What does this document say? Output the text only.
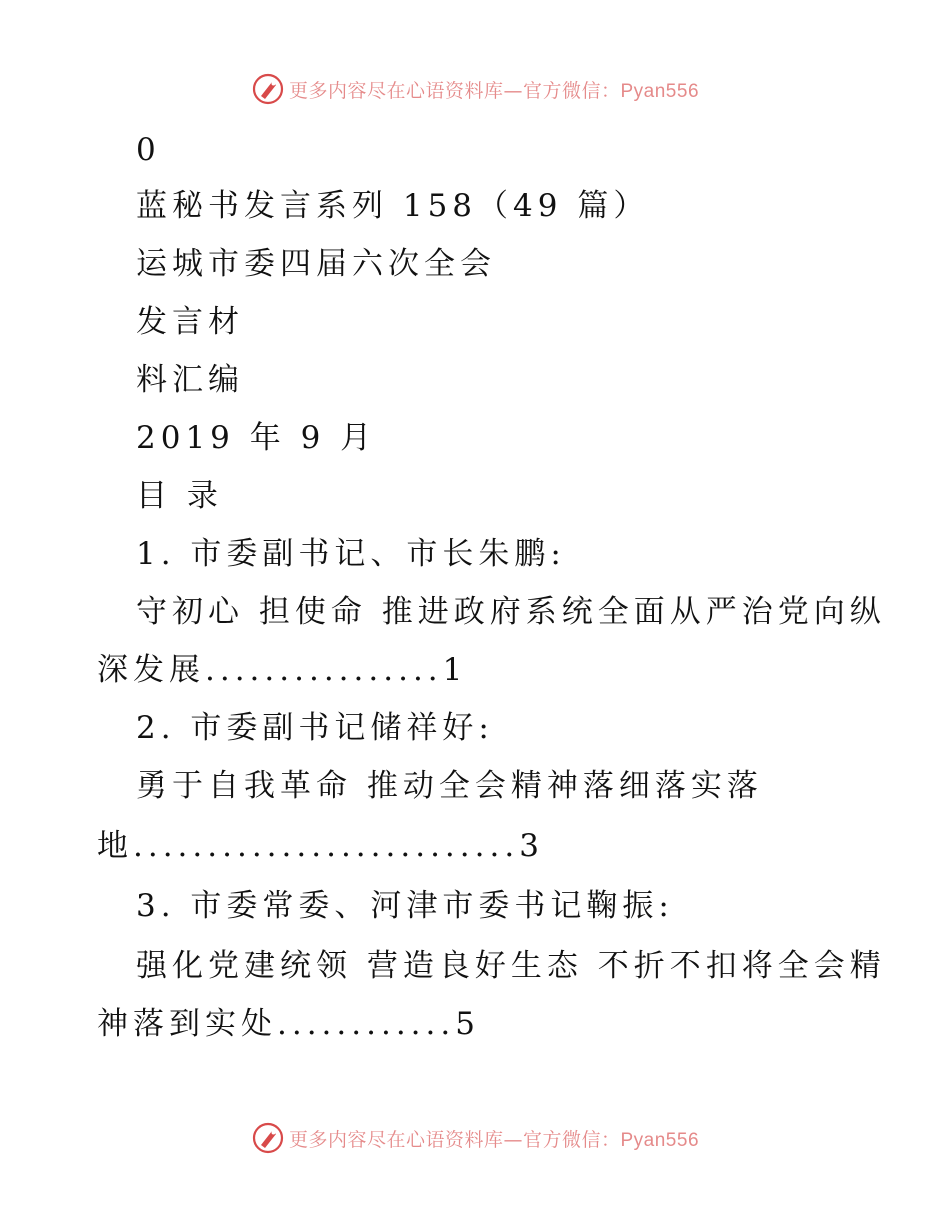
更多内容尽在心语资料库—官方微信：Pyan556
0
蓝秘书发言系列 158（49 篇）
运城市委四届六次全会
发言材
料汇编
2019 年 9 月
目 录
1. 市委副书记、市长朱鹏:
守初心 担使命 推进政府系统全面从严治党向纵
深发展................1
2. 市委副书记储祥好:
勇于自我革命 推动全会精神落细落实落
地..........................3
3. 市委常委、河津市委书记鞠振:
强化党建统领 营造良好生态 不折不扣将全会精
神落到实处............5
更多内容尽在心语资料库—官方微信：Pyan556
